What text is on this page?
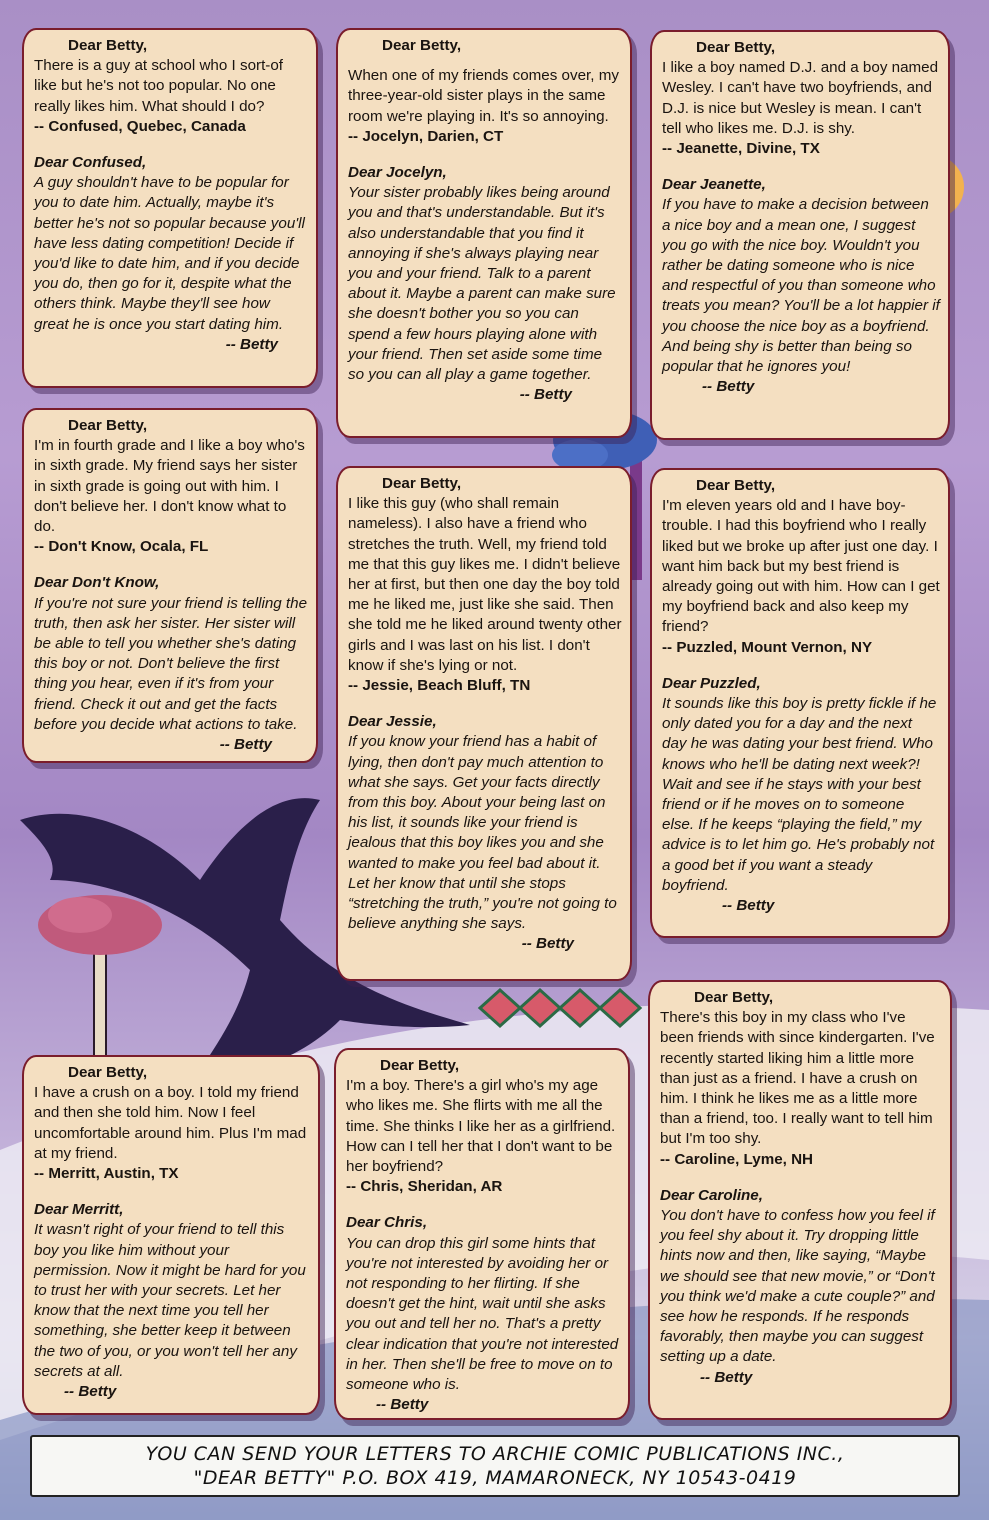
Dear Betty,

There is a guy at school who I sort-of like but he's not too popular. No one really likes him. What should I do?

-- Confused, Quebec, Canada

Dear Confused,

A guy shouldn't have to be popular for you to date him. Actually, maybe it's better he's not so popular because you'll have less dating competition! Decide if you'd like to date him, and if you decide you do, then go for it, despite what the others think. Maybe they'll see how great he is once you start dating him.

-- Betty

Dear Betty,

When one of my friends comes over, my three-year-old sister plays in the same room we're playing in. It's so annoying.

-- Jocelyn, Darien, CT

Dear Jocelyn,

Your sister probably likes being around you and that's understandable. But it's also understandable that you find it annoying if she's always playing near you and your friend. Talk to a parent about it. Maybe a parent can make sure she doesn't bother you so you can spend a few hours playing alone with your friend. Then set aside some time so you can all play a game together.

-- Betty

Dear Betty,

I like a boy named D.J. and a boy named Wesley. I can't have two boyfriends, and D.J. is nice but Wesley is mean. I can't tell who likes me. D.J. is shy.

-- Jeanette, Divine, TX

Dear Jeanette,

If you have to make a decision between a nice boy and a mean one, I suggest you go with the nice boy. Wouldn't you rather be dating someone who is nice and respectful of you than someone who treats you mean? You'll be a lot happier if you choose the nice boy as a boyfriend. And being shy is better than being so popular that he ignores you!

-- Betty

Dear Betty,

I'm in fourth grade and I like a boy who's in sixth grade. My friend says her sister in sixth grade is going out with him. I don't believe her. I don't know what to do.

-- Don't Know, Ocala, FL

Dear Don't Know,

If you're not sure your friend is telling the truth, then ask her sister. Her sister will be able to tell you whether she's dating this boy or not. Don't believe the first thing you hear, even if it's from your friend. Check it out and get the facts before you decide what actions to take.

-- Betty

Dear Betty,

I like this guy (who shall remain nameless). I also have a friend who stretches the truth. Well, my friend told me that this guy likes me. I didn't believe her at first, but then one day the boy told me he liked me, just like she said. Then she told me he liked around twenty other girls and I was last on his list. I don't know if she's lying or not.

-- Jessie, Beach Bluff, TN

Dear Jessie,

If you know your friend has a habit of lying, then don't pay much attention to what she says. Get your facts directly from this boy. About your being last on his list, it sounds like your friend is jealous that this boy likes you and she wanted to make you feel bad about it. Let her know that until she stops “stretching the truth,” you're not going to believe anything she says.

-- Betty

Dear Betty,

I'm eleven years old and I have boy-trouble. I had this boyfriend who I really liked but we broke up after just one day. I want him back but my best friend is already going out with him. How can I get my boyfriend back and also keep my friend?

-- Puzzled, Mount Vernon, NY

Dear Puzzled,

It sounds like this boy is pretty fickle if he only dated you for a day and the next day he was dating your best friend. Who knows who he'll be dating next week?! Wait and see if he stays with your best friend or if he moves on to someone else. If he keeps “playing the field,” my advice is to let him go. He's probably not a good bet if you want a steady boyfriend.

-- Betty

Dear Betty,

I have a crush on a boy. I told my friend and then she told him. Now I feel uncomfortable around him. Plus I'm mad at my friend.

-- Merritt, Austin, TX

Dear Merritt,

It wasn't right of your friend to tell this boy you like him without your permission. Now it might be hard for you to trust her with your secrets. Let her know that the next time you tell her something, she better keep it between the two of you, or you won't tell her any secrets at all.

-- Betty

Dear Betty,

I'm a boy. There's a girl who's my age who likes me. She flirts with me all the time. She thinks I like her as a girlfriend. How can I tell her that I don't want to be her boyfriend?

-- Chris, Sheridan, AR

Dear Chris,

You can drop this girl some hints that you're not interested by avoiding her or not responding to her flirting. If she doesn't get the hint, wait until she asks you out and tell her no. That's a pretty clear indication that you're not interested in her. Then she'll be free to move on to someone who is.

-- Betty

Dear Betty,

There's this boy in my class who I've been friends with since kindergarten. I've recently started liking him a little more than just as a friend. I have a crush on him. I think he likes me as a little more than a friend, too. I really want to tell him but I'm too shy.

-- Caroline, Lyme, NH

Dear Caroline,

You don't have to confess how you feel if you feel shy about it. Try dropping little hints now and then, like saying, “Maybe we should see that new movie,” or “Don't you think we'd make a cute couple?” and see how he responds. If he responds favorably, then maybe you can suggest setting up a date.

-- Betty

YOU CAN SEND YOUR LETTERS TO ARCHIE COMIC PUBLICATIONS INC.,
"DEAR BETTY" P.O. BOX 419, MAMARONECK, NY 10543-0419
